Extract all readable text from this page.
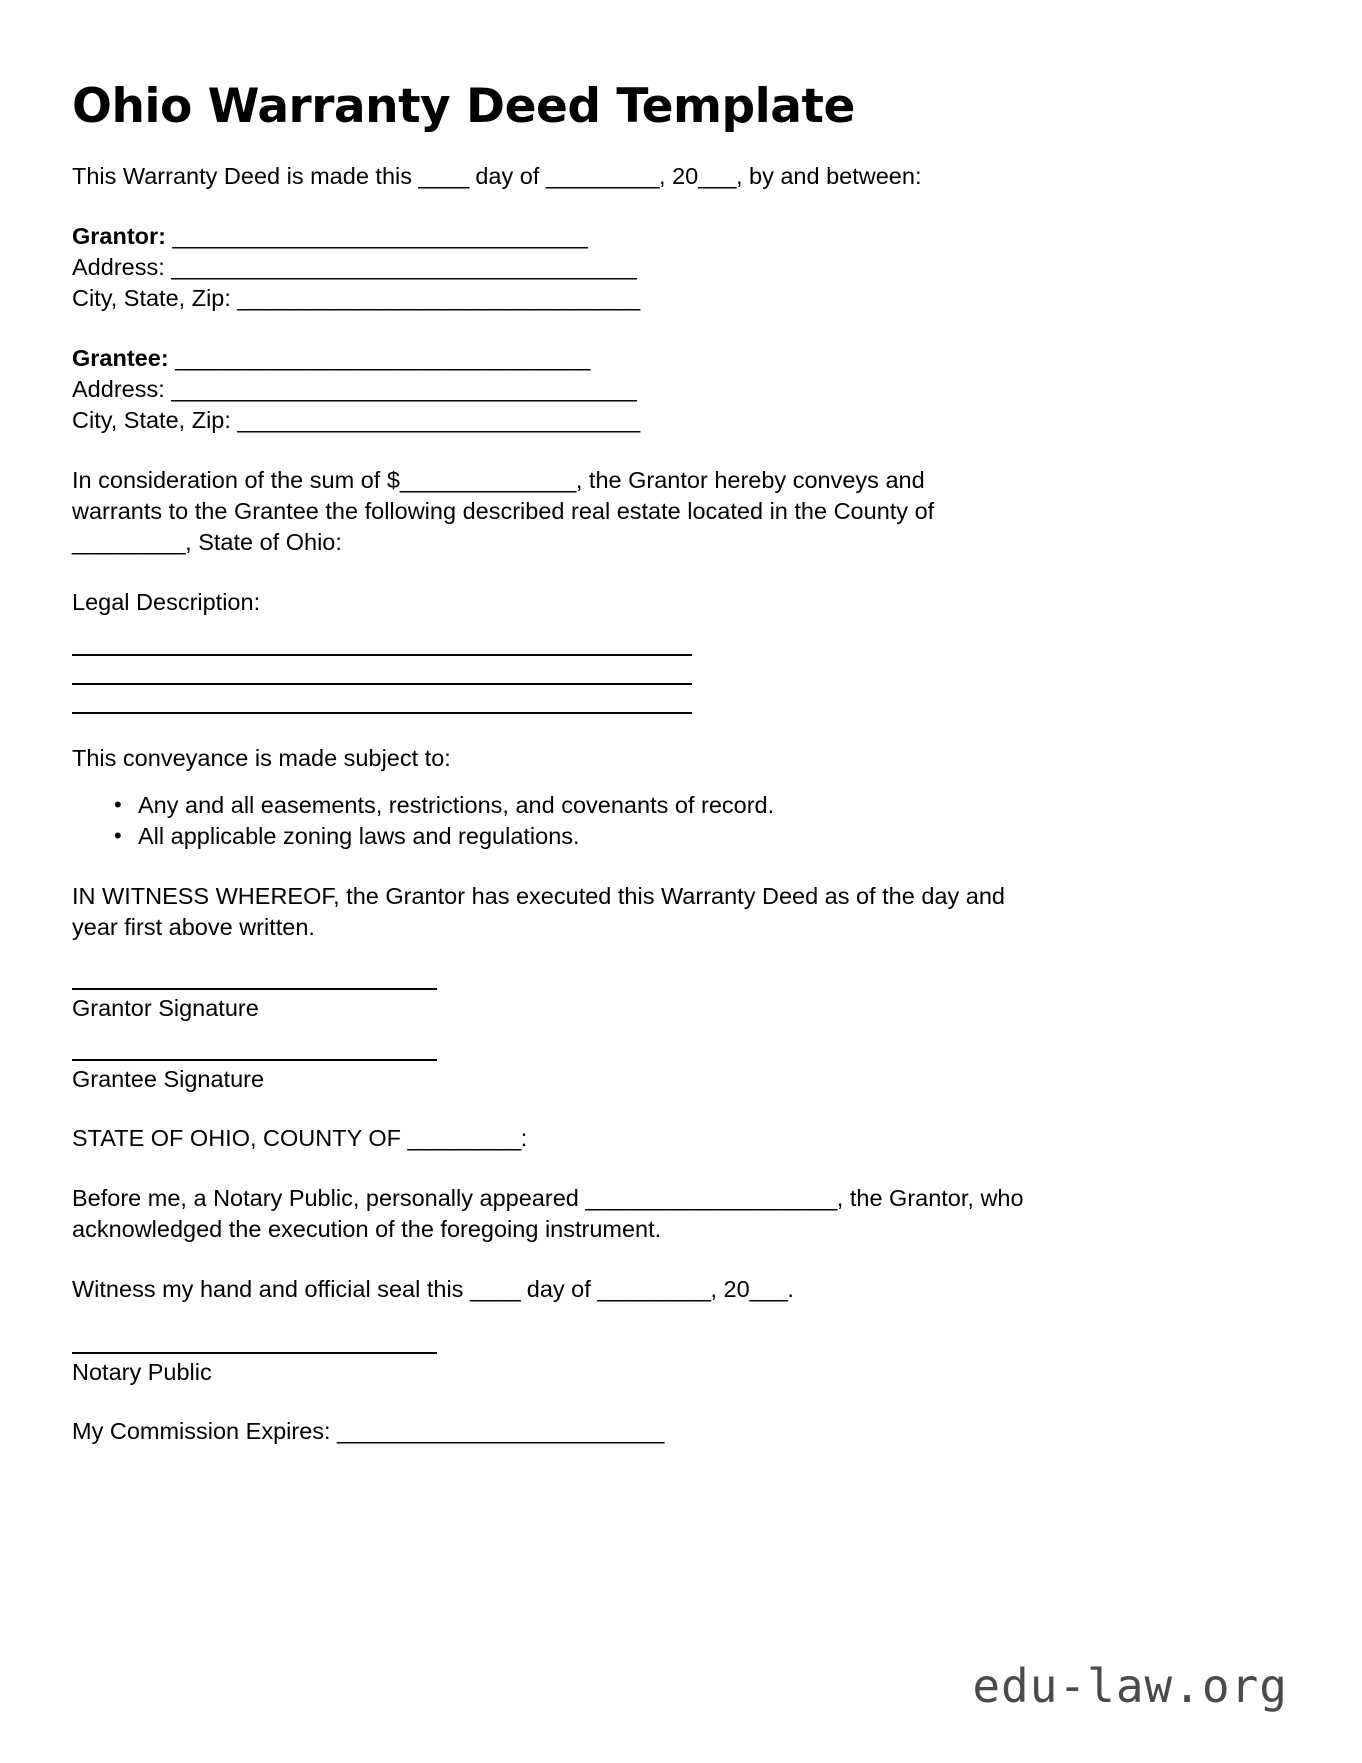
Ohio Warranty Deed Template
This Warranty Deed is made this ____ day of _________, 20___, by and between:
Grantor: _________________________________
Address: _____________________________________
City, State, Zip: ________________________________
Grantee: _________________________________
Address: _____________________________________
City, State, Zip: ________________________________
In consideration of the sum of $______________, the Grantor hereby conveys and
warrants to the Grantee the following described real estate located in the County of
_________, State of Ohio:
Legal Description:
This conveyance is made subject to:
• Any and all easements, restrictions, and covenants of record.
• All applicable zoning laws and regulations.
IN WITNESS WHEREOF, the Grantor has executed this Warranty Deed as of the day and
year first above written.
Grantor Signature
Grantee Signature
STATE OF OHIO, COUNTY OF _________:
Before me, a Notary Public, personally appeared ____________________, the Grantor, who
acknowledged the execution of the foregoing instrument.
Witness my hand and official seal this ____ day of _________, 20___.
Notary Public
My Commission Expires: __________________________
edu-law.org
